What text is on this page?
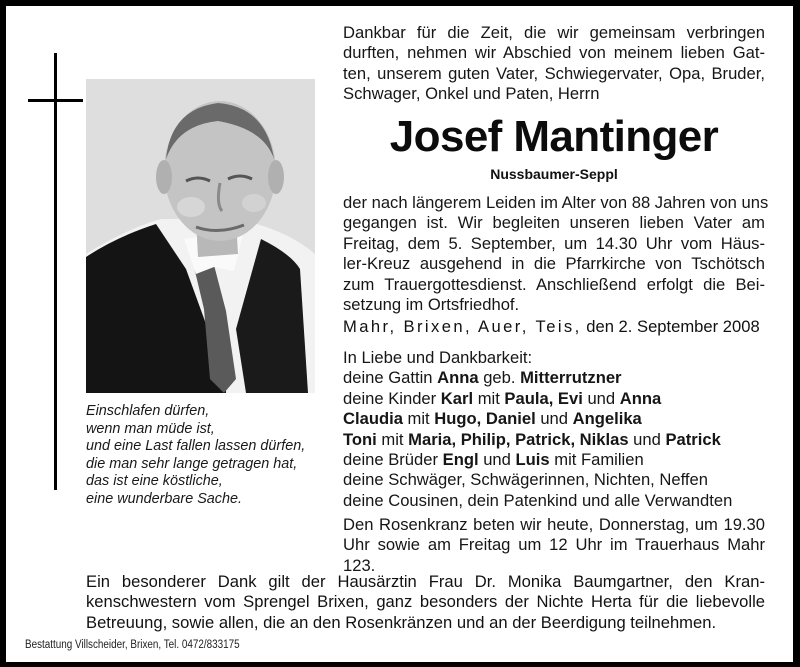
Einschlafen dürfen,
wenn man müde ist,
und eine Last fallen lassen dürfen,
die man sehr lange getragen hat,
das ist eine köstliche,
eine wunderbare Sache.
Dankbar für die Zeit, die wir gemeinsam verbringen
durften, nehmen wir Abschied von meinem lieben Gat-
ten, unserem guten Vater, Schwiegervater, Opa, Bruder,
Schwager, Onkel und Paten, Herrn
Josef Mantinger
Nussbaumer-Seppl
der nach längerem Leiden im Alter von 88 Jahren von uns
gegangen ist. Wir begleiten unseren lieben Vater am
Freitag, dem 5. September, um 14.30 Uhr vom Häus-
ler-Kreuz ausgehend in die Pfarrkirche von Tschötsch
zum Trauergottesdienst. Anschließend erfolgt die Bei-
setzung im Ortsfriedhof.
Mahr, Brixen, Auer, Teis, den 2. September 2008
In Liebe und Dankbarkeit:
deine Gattin Anna geb. Mitterrutzner
deine Kinder Karl mit Paula, Evi und Anna
Claudia mit Hugo, Daniel und Angelika
Toni mit Maria, Philip, Patrick, Niklas und Patrick
deine Brüder Engl und Luis mit Familien
deine Schwäger, Schwägerinnen, Nichten, Neffen
deine Cousinen, dein Patenkind und alle Verwandten
Den Rosenkranz beten wir heute, Donnerstag, um 19.30
Uhr sowie am Freitag um 12 Uhr im Trauerhaus Mahr
123.
Ein besonderer Dank gilt der Hausärztin Frau Dr. Monika Baumgartner, den Kran-
kenschwestern vom Sprengel Brixen, ganz besonders der Nichte Herta für die liebevolle
Betreuung, sowie allen, die an den Rosenkränzen und an der Beerdigung teilnehmen.
Bestattung Villscheider, Brixen, Tel. 0472/833175
